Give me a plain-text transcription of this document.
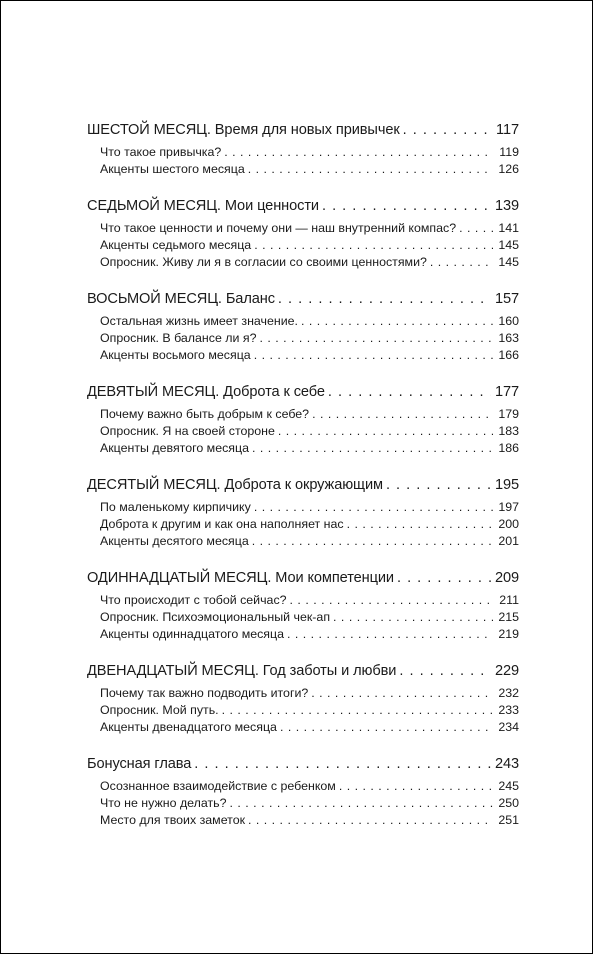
ШЕСТОЙ МЕСЯЦ. Время для новых привычек . . .	117
Что такое привычка? . . .	119
Акценты шестого месяца . . .	126
СЕДЬМОЙ МЕСЯЦ. Мои ценности . . .	139
Что такое ценности и почему они — наш внутренний компас? . . .	141
Акценты седьмого месяца . . .	145
Опросник. Живу ли я в согласии со своими ценностями? . . .	145
ВОСЬМОЙ МЕСЯЦ. Баланс . . .	157
Остальная жизнь имеет значение. . . .	160
Опросник. В балансе ли я? . . .	163
Акценты восьмого месяца . . .	166
ДЕВЯТЫЙ МЕСЯЦ. Доброта к себе . . .	177
Почему важно быть добрым к себе? . . .	179
Опросник. Я на своей стороне . . .	183
Акценты девятого месяца . . .	186
ДЕСЯТЫЙ МЕСЯЦ. Доброта к окружающим . . .	195
По маленькому кирпичику . . .	197
Доброта к другим и как она наполняет нас . . .	200
Акценты десятого месяца . . .	201
ОДИННАДЦАТЫЙ МЕСЯЦ. Мои компетенции . . .	209
Что происходит с тобой сейчас? . . .	211
Опросник. Психоэмоциональный чек-ап . . .	215
Акценты одиннадцатого месяца . . .	219
ДВЕНАДЦАТЫЙ МЕСЯЦ. Год заботы и любви . . .	229
Почему так важно подводить итоги? . . .	232
Опросник. Мой путь. . . .	233
Акценты двенадцатого месяца . . .	234
Бонусная глава . . .	243
Осознанное взаимодействие с ребенком . . .	245
Что не нужно делать? . . .	250
Место для твоих заметок . . .	251
